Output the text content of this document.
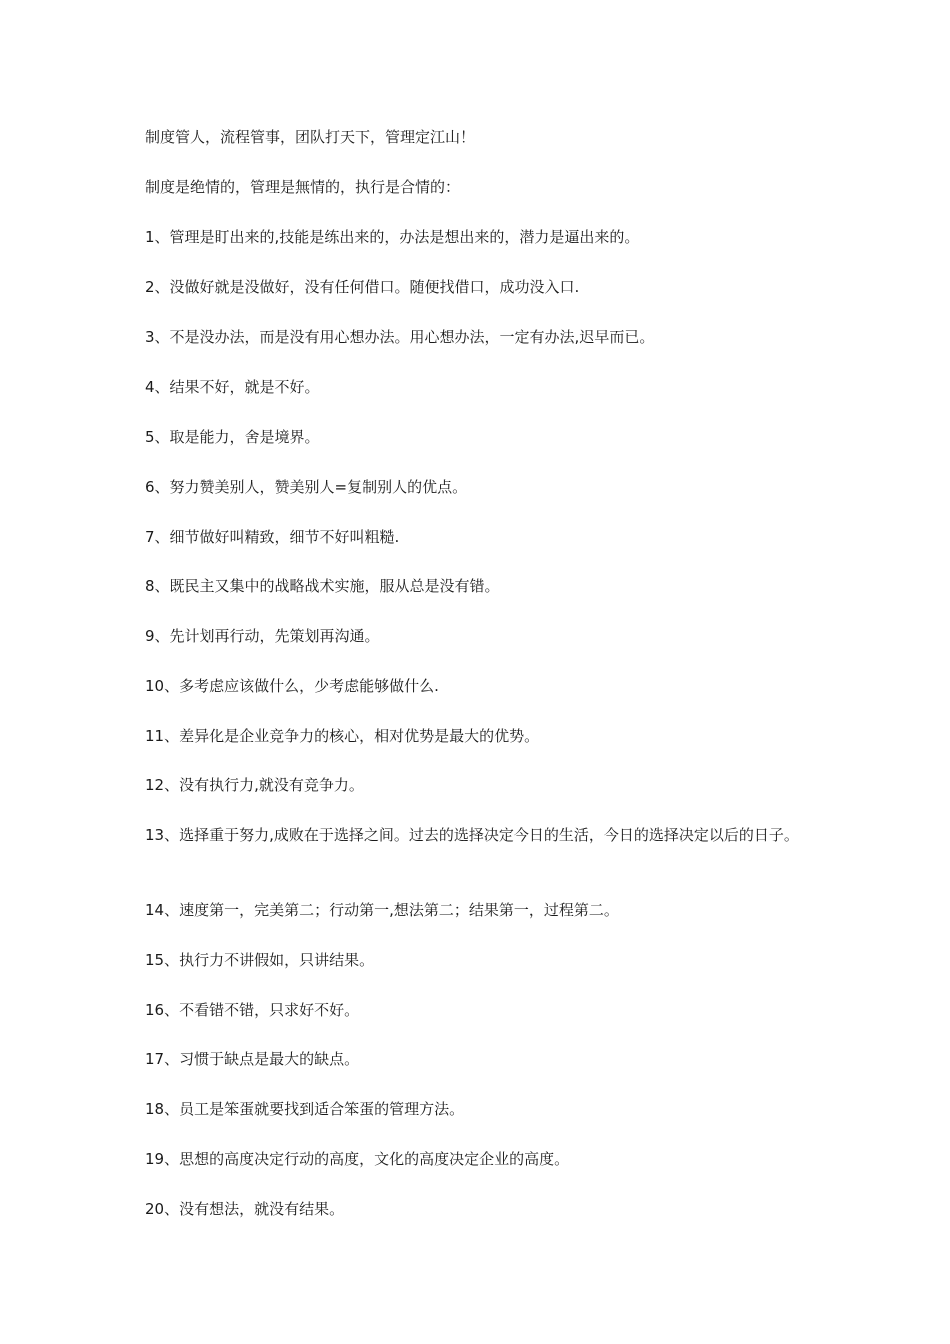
制度管人，流程管事，团队打天下，管理定江山！
制度是绝情的，管理是無情的，执行是合情的：
1、管理是盯出来的,技能是练出来的，办法是想出来的，潜力是逼出来的。
2、没做好就是没做好，没有任何借口。随便找借口，成功没入口.
3、不是没办法，而是没有用心想办法。用心想办法，一定有办法,迟早而已。
4、结果不好，就是不好。
5、取是能力，舍是境界。
6、努力赞美别人，赞美别人=复制别人的优点。
7、细节做好叫精致，细节不好叫粗糙.
8、既民主又集中的战略战术实施，服从总是没有错。
9、先计划再行动，先策划再沟通。
10、多考虑应该做什么，少考虑能够做什么.
11、差异化是企业竞争力的核心，相对优势是最大的优势。
12、没有执行力,就没有竞争力。
13、选择重于努力,成败在于选择之间。过去的选择决定今日的生活，今日的选择决定以后的日子。
14、速度第一，完美第二；行动第一,想法第二；结果第一，过程第二。
15、执行力不讲假如，只讲结果。
16、不看错不错，只求好不好。
17、习惯于缺点是最大的缺点。
18、员工是笨蛋就要找到适合笨蛋的管理方法。
19、思想的高度决定行动的高度，文化的高度决定企业的高度。
20、没有想法，就没有结果。
